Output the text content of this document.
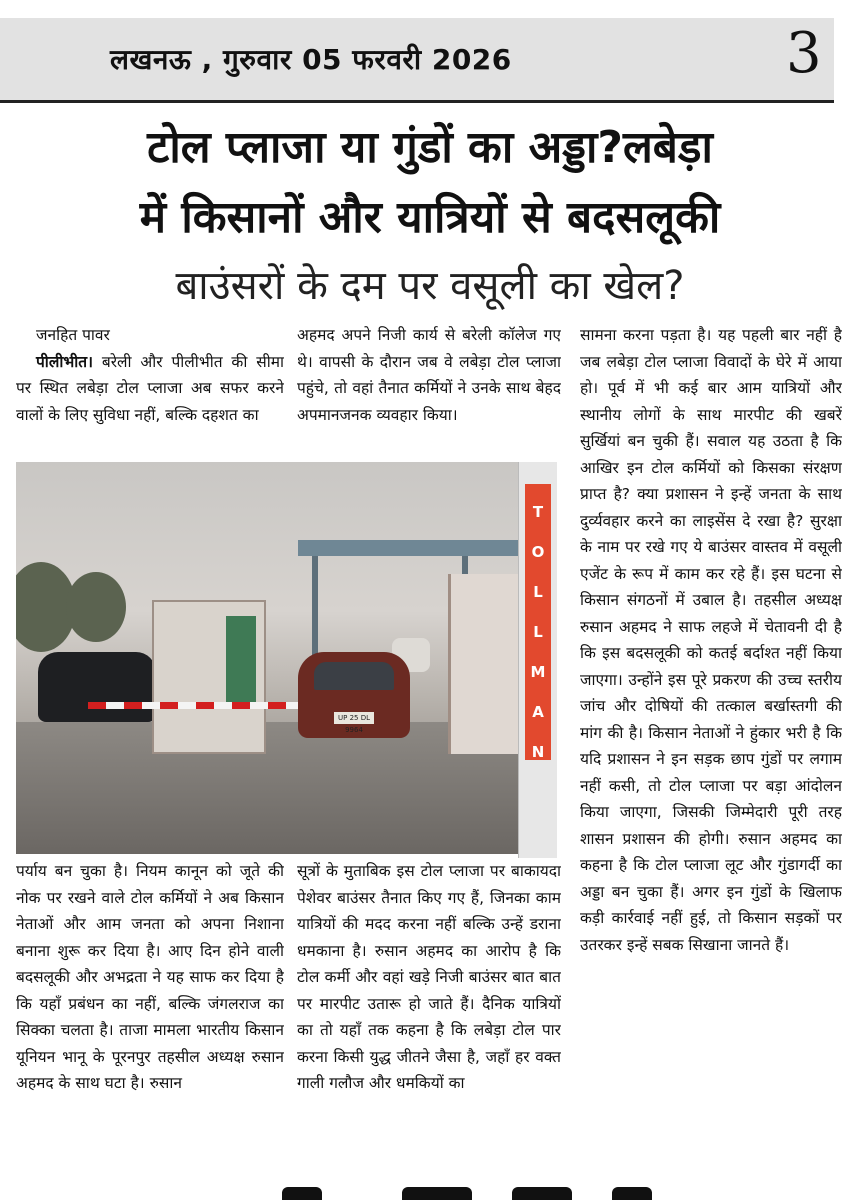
लखनऊ , गुरुवार 05 फरवरी 2026	3
टोल प्लाजा या गुंडों का अड्डा?लबेड़ा
में किसानों और यात्रियों से बदसलूकी
बाउंसरों के दम पर वसूली का खेल?

जनहित पावर

पीलीभीत। बरेली और पीलीभीत की सीमा पर स्थित लबेड़ा टोल प्लाजा अब सफर करने वालों के लिए सुविधा नहीं, बल्कि दहशत का

अहमद अपने निजी कार्य से बरेली कॉलेज गए थे। वापसी के दौरान जब वे लबेड़ा टोल प्लाजा पहुंचे, तो वहां तैनात कर्मियों ने उनके साथ बेहद अपमानजनक व्यवहार किया।

सामना करना पड़ता है। यह पहली बार नहीं है जब लबेड़ा टोल प्लाजा विवादों के घेरे में आया हो। पूर्व में भी कई बार आम यात्रियों और स्थानीय लोगों के साथ मारपीट की खबरें सुर्खियां बन चुकी हैं। सवाल यह उठता है कि आखिर इन टोल कर्मियों को किसका संरक्षण प्राप्त है? क्या प्रशासन ने इन्हें जनता के साथ दुर्व्यवहार करने का लाइसेंस दे रखा है? सुरक्षा के नाम पर रखे गए ये बाउंसर वास्तव में वसूली एजेंट के रूप में काम कर रहे हैं। इस घटना से किसान संगठनों में उबाल है। तहसील अध्यक्ष रुसान अहमद ने साफ लहजे में चेतावनी दी है कि इस बदसलूकी को कतई बर्दाश्त नहीं किया जाएगा। उन्होंने इस पूरे प्रकरण की उच्च स्तरीय जांच और दोषियों की तत्काल बर्खास्तगी की मांग की है। किसान नेताओं ने हुंकार भरी है कि यदि प्रशासन ने इन सड़क छाप गुंडों पर लगाम नहीं कसी, तो टोल प्लाजा पर बड़ा आंदोलन किया जाएगा, जिसकी जिम्मेदारी पूरी तरह शासन प्रशासन की होगी। रुसान अहमद का कहना है कि टोल प्लाजा लूट और गुंडागर्दी का अड्डा बन चुका हैं। अगर इन गुंडों के खिलाफ कड़ी कार्रवाई नहीं हुई, तो किसान सड़कों पर उतरकर इन्हें सबक सिखाना जानते हैं।

UP 25 DL 9964
T
O
L
L
M
A
N

पर्याय बन चुका है। नियम कानून को जूते की नोक पर रखने वाले टोल कर्मियों ने अब किसान नेताओं और आम जनता को अपना निशाना बनाना शुरू कर दिया है। आए दिन होने वाली बदसलूकी और अभद्रता ने यह साफ कर दिया है कि यहाँ प्रबंधन का नहीं, बल्कि जंगलराज का सिक्का चलता है। ताजा मामला भारतीय किसान यूनियन भानू के पूरनपुर तहसील अध्यक्ष रुसान अहमद के साथ घटा है। रुसान

सूत्रों के मुताबिक इस टोल प्लाजा पर बाकायदा पेशेवर बाउंसर तैनात किए गए हैं, जिनका काम यात्रियों की मदद करना नहीं बल्कि उन्हें डराना धमकाना है। रुसान अहमद का आरोप है कि टोल कर्मी और वहां खड़े निजी बाउंसर बात बात पर मारपीट उतारू हो जाते हैं। दैनिक यात्रियों का तो यहाँ तक कहना है कि लबेड़ा टोल पार करना किसी युद्ध जीतने जैसा है, जहाँ हर वक्त गाली गलौज और धमकियों का
